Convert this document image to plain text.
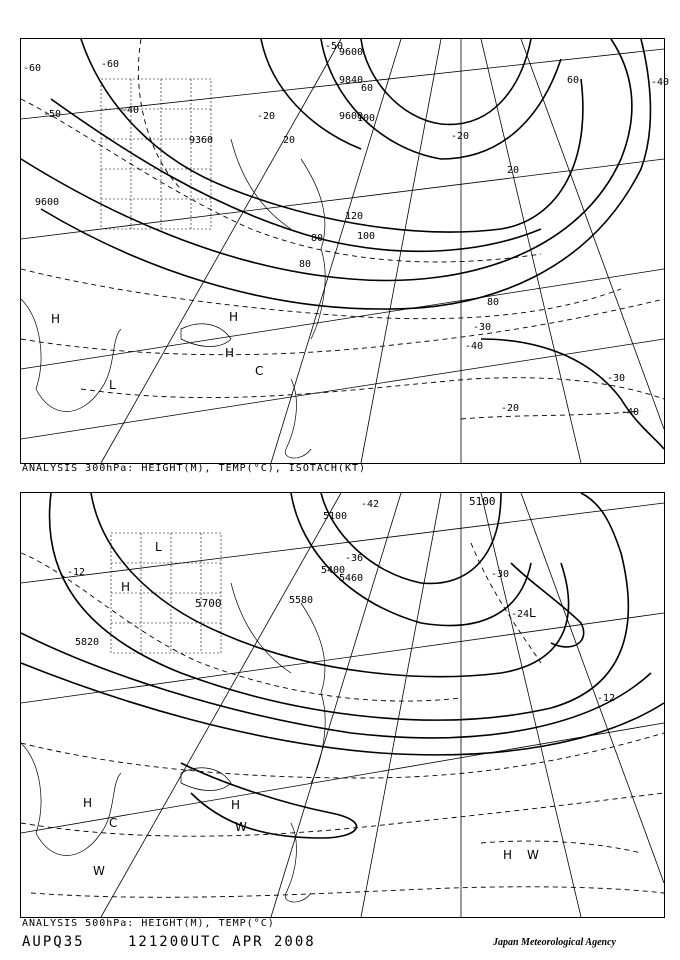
9600
9840
9600
9360
9600
-60
-40
-50
-60
-20
-20
-30
-40
-30
-40
-40
-20
-50
60
80	100
120
80
80
20
20
60
100
H
L
H
H
C
ANALYSIS 300hPa: HEIGHT(M), TEMP(°C), ISOTACH(KT)
5100
5400
5700	5580
5820
5460
5100
-12
-24
-30
-12
-36
-42
L
L
H
H
H
C	W
H
W
W
ANALYSIS 500hPa: HEIGHT(M), TEMP(°C)
AUPQ35	121200UTC APR 2008	Japan Meteorological Agency
